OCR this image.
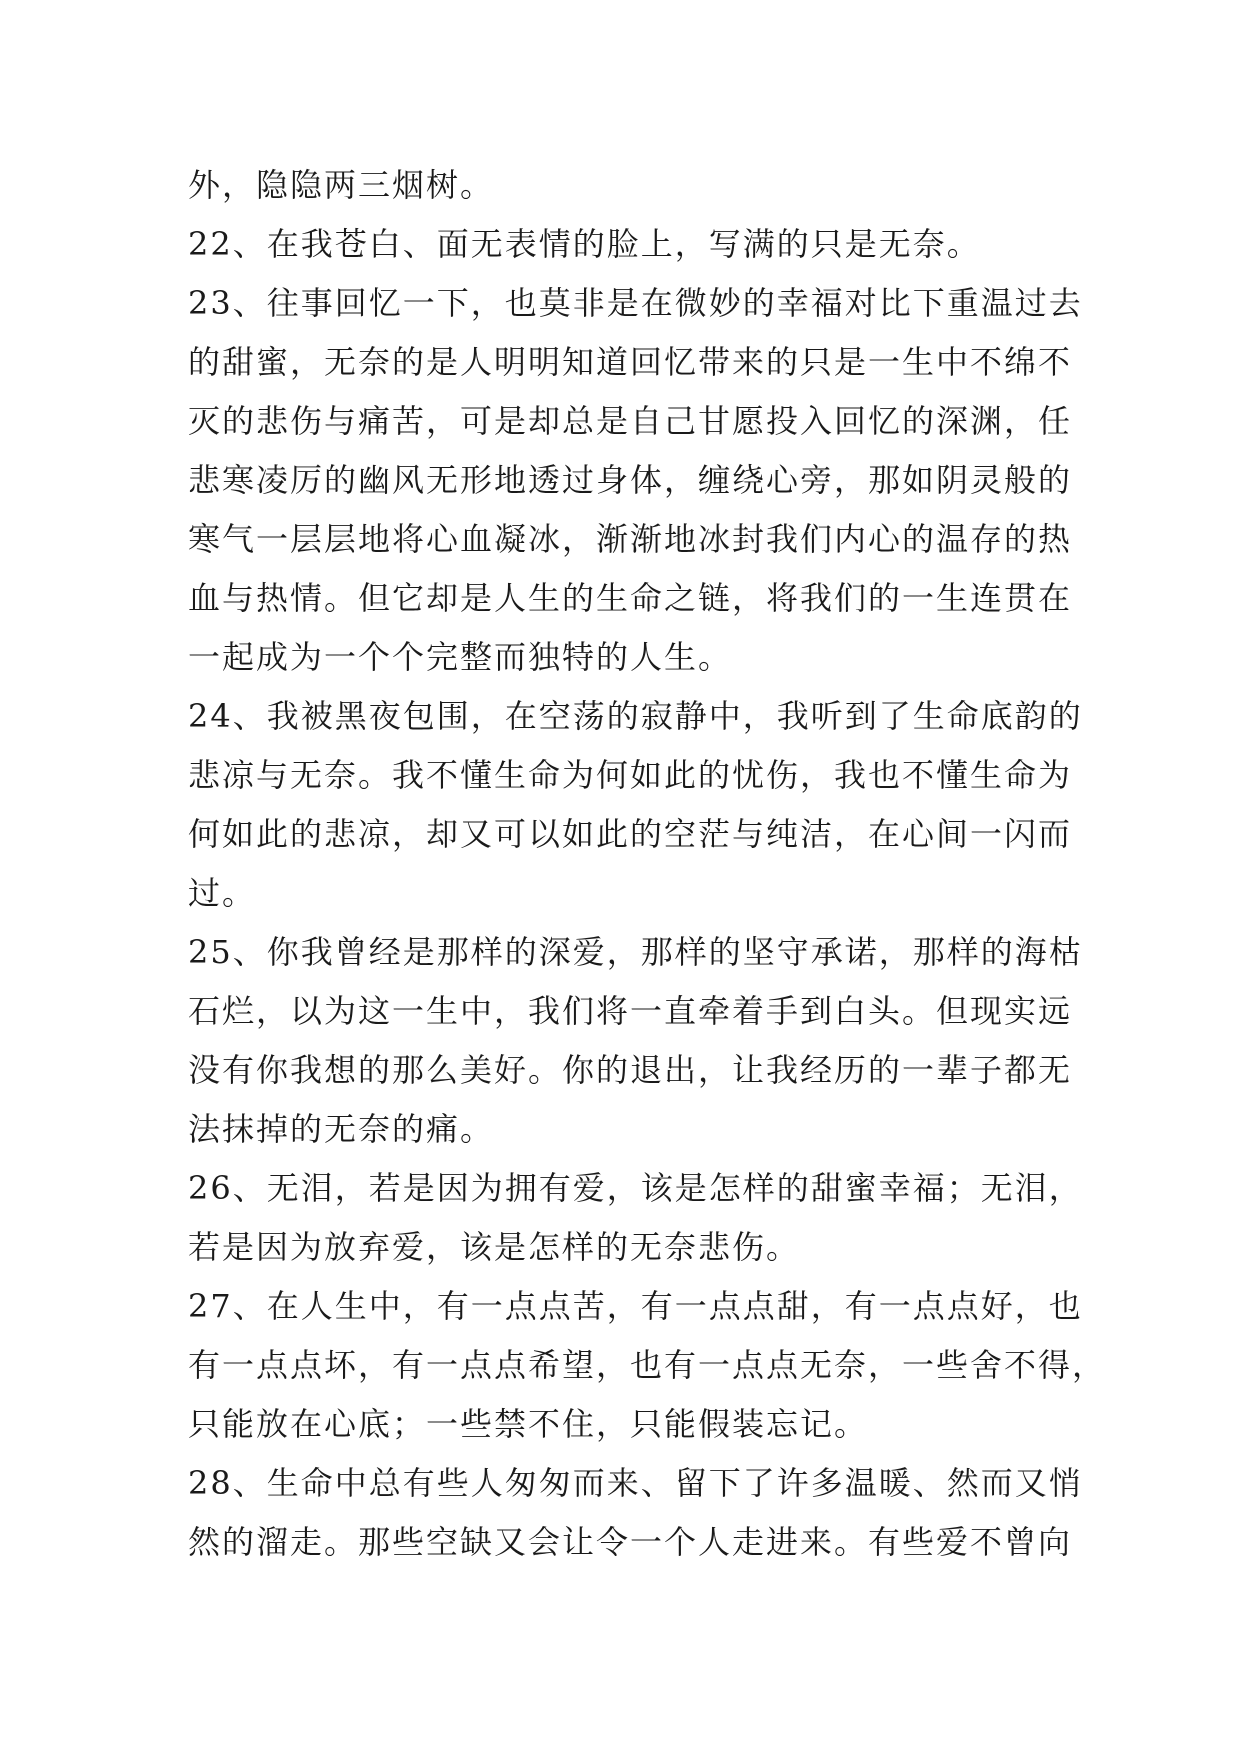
外，隐隐两三烟树。
22、在我苍白、面无表情的脸上，写满的只是无奈。
23、往事回忆一下，也莫非是在微妙的幸福对比下重温过去
的甜蜜，无奈的是人明明知道回忆带来的只是一生中不绵不
灭的悲伤与痛苦，可是却总是自己甘愿投入回忆的深渊，任
悲寒凌厉的幽风无形地透过身体，缠绕心旁，那如阴灵般的
寒气一层层地将心血凝冰，渐渐地冰封我们内心的温存的热
血与热情。但它却是人生的生命之链，将我们的一生连贯在
一起成为一个个完整而独特的人生。
24、我被黑夜包围，在空荡的寂静中，我听到了生命底韵的
悲凉与无奈。我不懂生命为何如此的忧伤，我也不懂生命为
何如此的悲凉，却又可以如此的空茫与纯洁，在心间一闪而
过。
25、你我曾经是那样的深爱，那样的坚守承诺，那样的海枯
石烂，以为这一生中，我们将一直牵着手到白头。但现实远
没有你我想的那么美好。你的退出，让我经历的一辈子都无
法抹掉的无奈的痛。
26、无泪，若是因为拥有爱，该是怎样的甜蜜幸福；无泪，
若是因为放弃爱，该是怎样的无奈悲伤。
27、在人生中，有一点点苦，有一点点甜，有一点点好，也
有一点点坏，有一点点希望，也有一点点无奈，一些舍不得，
只能放在心底；一些禁不住，只能假装忘记。
28、生命中总有些人匆匆而来、留下了许多温暖、然而又悄
然的溜走。那些空缺又会让令一个人走进来。有些爱不曾向
